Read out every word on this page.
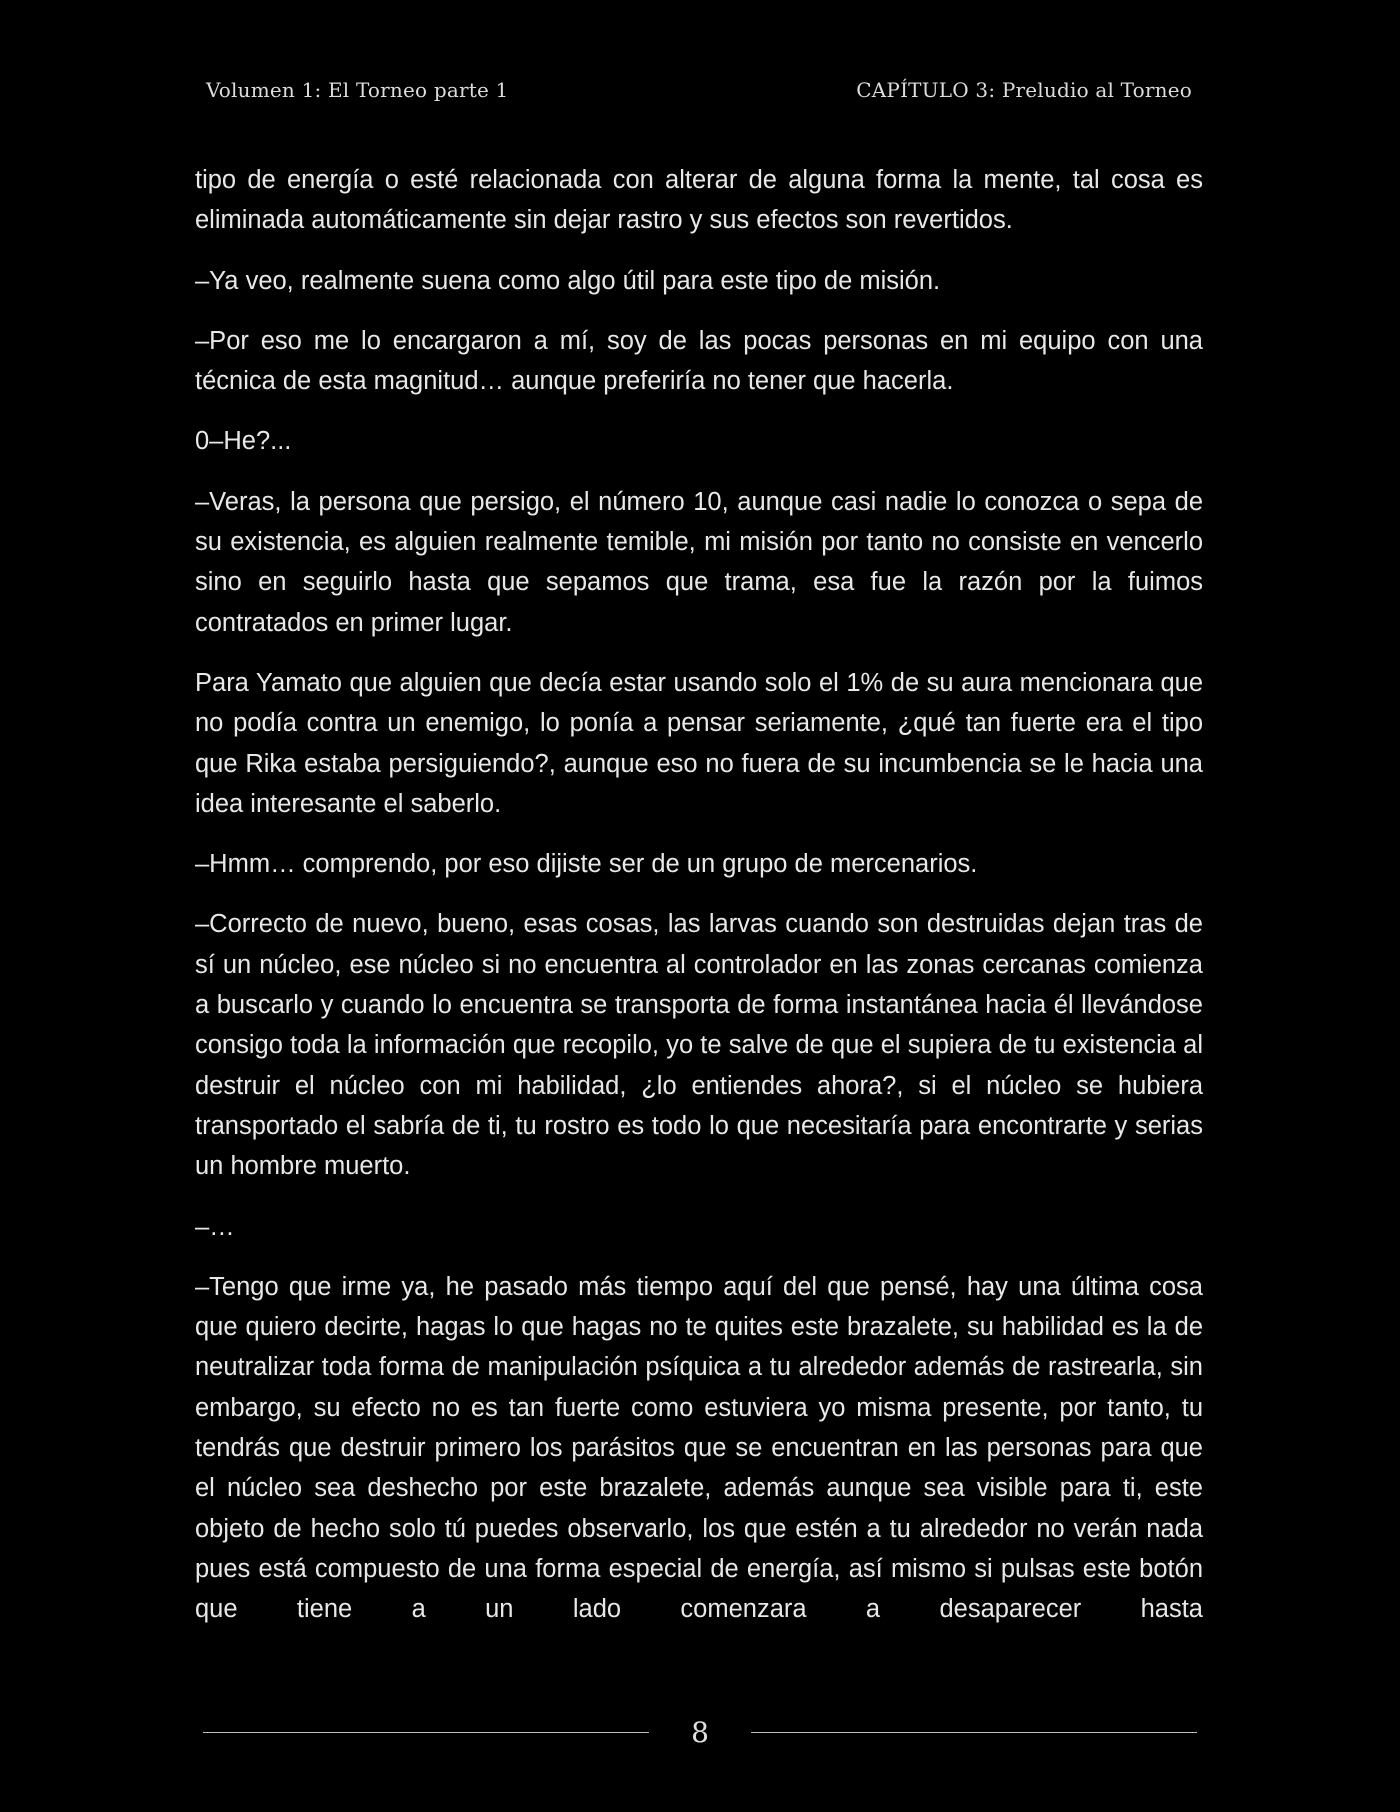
Volumen 1: El Torneo parte 1	CAPÍTULO 3: Preludio al Torneo

tipo de energía o esté relacionada con alterar de alguna forma la mente, tal cosa es eliminada automáticamente sin dejar rastro y sus efectos son revertidos.

–Ya veo, realmente suena como algo útil para este tipo de misión.

–Por eso me lo encargaron a mí, soy de las pocas personas en mi equipo con una técnica de esta magnitud… aunque preferiría no tener que hacerla.

0–He?...

–Veras, la persona que persigo, el número 10, aunque casi nadie lo conozca o sepa de su existencia, es alguien realmente temible, mi misión por tanto no consiste en vencerlo sino en seguirlo hasta que sepamos que trama, esa fue la razón por la fuimos contratados en primer lugar.

Para Yamato que alguien que decía estar usando solo el 1% de su aura mencionara que no podía contra un enemigo, lo ponía a pensar seriamente, ¿qué tan fuerte era el tipo que Rika estaba persiguiendo?, aunque eso no fuera de su incumbencia se le hacia una idea interesante el saberlo.

–Hmm… comprendo, por eso dijiste ser de un grupo de mercenarios.

–Correcto de nuevo, bueno, esas cosas, las larvas cuando son destruidas dejan tras de sí un núcleo, ese núcleo si no encuentra al controlador en las zonas cercanas comienza a buscarlo y cuando lo encuentra se transporta de forma instantánea hacia él llevándose consigo toda la información que recopilo, yo te salve de que el supiera de tu existencia al destruir el núcleo con mi habilidad, ¿lo entiendes ahora?, si el núcleo se hubiera transportado el sabría de ti, tu rostro es todo lo que necesitaría para encontrarte y serias un hombre muerto.

–…

–Tengo que irme ya, he pasado más tiempo aquí del que pensé, hay una última cosa que quiero decirte, hagas lo que hagas no te quites este brazalete, su habilidad es la de neutralizar toda forma de manipulación psíquica a tu alrededor además de rastrearla, sin embargo, su efecto no es tan fuerte como estuviera yo misma presente, por tanto, tu tendrás que destruir primero los parásitos que se encuentran en las personas para que el núcleo sea deshecho por este brazalete, además aunque sea visible para ti, este objeto de hecho solo tú puedes observarlo, los que estén a tu alrededor no verán nada pues está compuesto de una forma especial de energía, así mismo si pulsas este botón que tiene a un lado comenzara a desaparecer hasta

8
